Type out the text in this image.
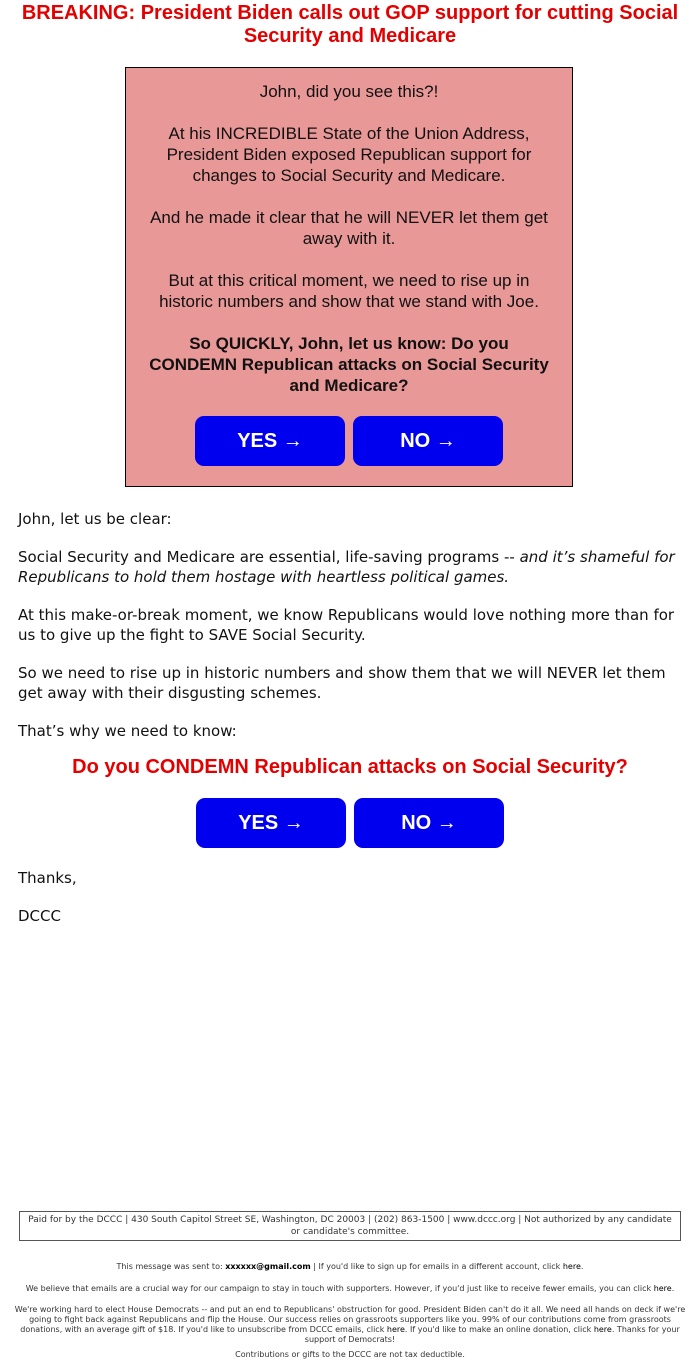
BREAKING: President Biden calls out GOP support for cutting Social Security and Medicare

John, did you see this?!

At his INCREDIBLE State of the Union Address, President Biden exposed Republican support for changes to Social Security and Medicare.

And he made it clear that he will NEVER let them get away with it.

But at this critical moment, we need to rise up in historic numbers and show that we stand with Joe.

So QUICKLY, John, let us know: Do you CONDEMN Republican attacks on Social Security and Medicare?

YES →	NO →

John, let us be clear:

Social Security and Medicare are essential, life-saving programs -- and it’s shameful for Republicans to hold them hostage with heartless political games.

At this make-or-break moment, we know Republicans would love nothing more than for us to give up the fight to SAVE Social Security.

So we need to rise up in historic numbers and show them that we will NEVER let them get away with their disgusting schemes.

That’s why we need to know:

Do you CONDEMN Republican attacks on Social Security?
YES →	NO →

Thanks,

DCCC

Paid for by the DCCC | 430 South Capitol Street SE, Washington, DC 20003 | (202) 863-1500 | www.dccc.org | Not authorized by any candidate or candidate's committee.

This message was sent to: xxxxxx@gmail.com | If you'd like to sign up for emails in a different account, click here.

We believe that emails are a crucial way for our campaign to stay in touch with supporters. However, if you'd just like to receive fewer emails, you can click here.

We're working hard to elect House Democrats -- and put an end to Republicans' obstruction for good. President Biden can't do it all. We need all hands on deck if we're going to fight back against Republicans and flip the House. Our success relies on grassroots supporters like you. 99% of our contributions come from grassroots donations, with an average gift of $18. If you'd like to unsubscribe from DCCC emails, click here. If you'd like to make an online donation, click here. Thanks for your support of Democrats!

Contributions or gifts to the DCCC are not tax deductible.
